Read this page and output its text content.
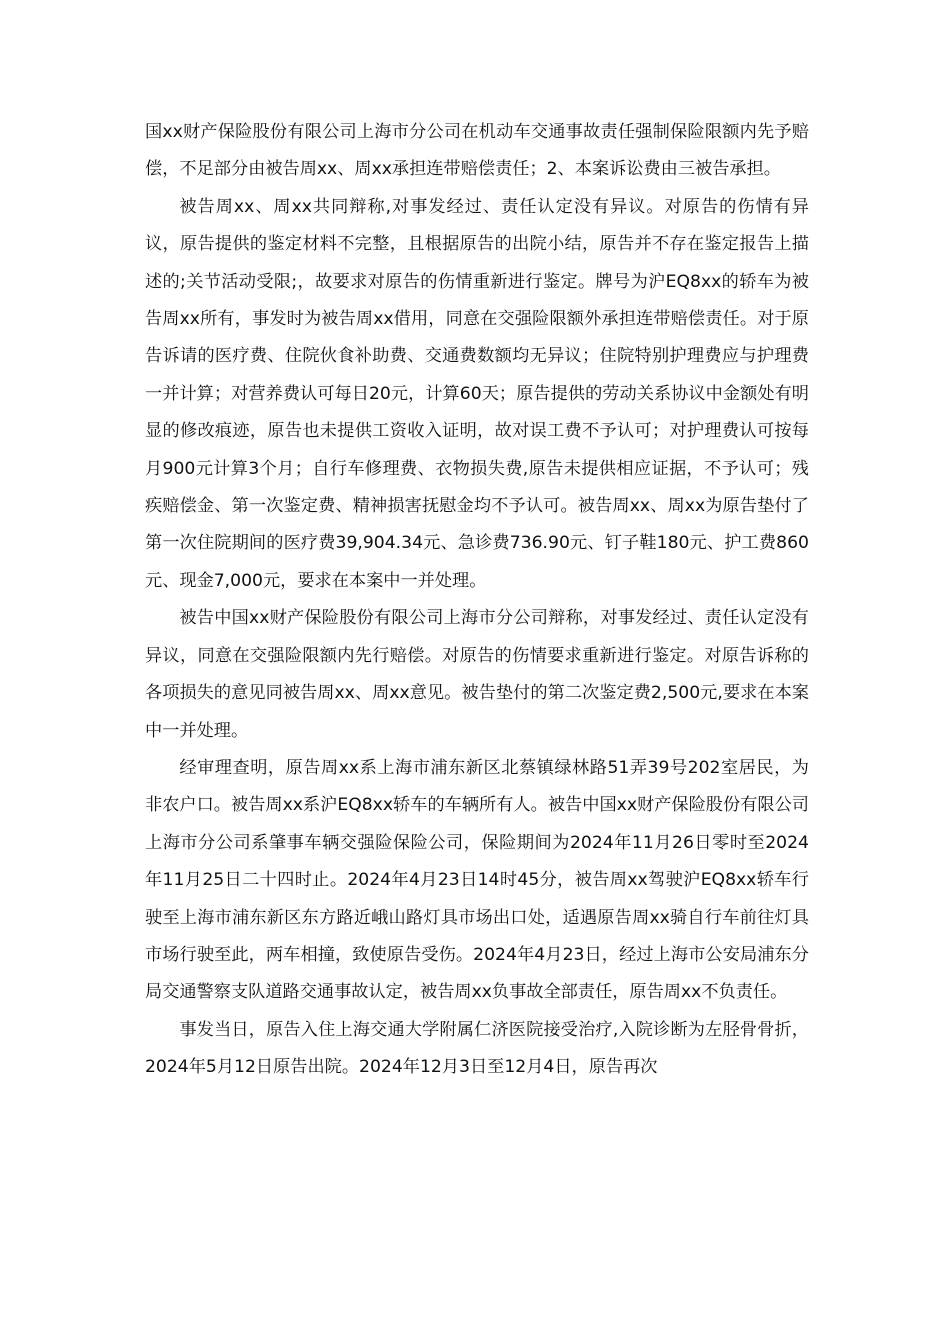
国xx财产保险股份有限公司上海市分公司在机动车交通事故责任强制保险限额内先予赔偿，不足部分由被告周xx、周xx承担连带赔偿责任；2、本案诉讼费由三被告承担。

被告周xx、周xx共同辩称,对事发经过、责任认定没有异议。对原告的伤情有异议，原告提供的鉴定材料不完整，且根据原告的出院小结，原告并不存在鉴定报告上描述的;关节活动受限;，故要求对原告的伤情重新进行鉴定。牌号为沪EQ8xx的轿车为被告周xx所有，事发时为被告周xx借用，同意在交强险限额外承担连带赔偿责任。对于原告诉请的医疗费、住院伙食补助费、交通费数额均无异议；住院特别护理费应与护理费一并计算；对营养费认可每日20元，计算60天；原告提供的劳动关系协议中金额处有明显的修改痕迹，原告也未提供工资收入证明，故对误工费不予认可；对护理费认可按每月900元计算3个月；自行车修理费、衣物损失费,原告未提供相应证据，不予认可；残疾赔偿金、第一次鉴定费、精神损害抚慰金均不予认可。被告周xx、周xx为原告垫付了第一次住院期间的医疗费39,904.34元、急诊费736.90元、钉子鞋180元、护工费860元、现金7,000元，要求在本案中一并处理。

被告中国xx财产保险股份有限公司上海市分公司辩称，对事发经过、责任认定没有异议，同意在交强险限额内先行赔偿。对原告的伤情要求重新进行鉴定。对原告诉称的各项损失的意见同被告周xx、周xx意见。被告垫付的第二次鉴定费2,500元,要求在本案中一并处理。

经审理查明，原告周xx系上海市浦东新区北蔡镇绿林路51弄39号202室居民，为非农户口。被告周xx系沪EQ8xx轿车的车辆所有人。被告中国xx财产保险股份有限公司上海市分公司系肇事车辆交强险保险公司，保险期间为2024年11月26日零时至2024年11月25日二十四时止。2024年4月23日14时45分，被告周xx驾驶沪EQ8xx轿车行驶至上海市浦东新区东方路近峨山路灯具市场出口处，适遇原告周xx骑自行车前往灯具市场行驶至此，两车相撞，致使原告受伤。2024年4月23日，经过上海市公安局浦东分局交通警察支队道路交通事故认定，被告周xx负事故全部责任，原告周xx不负责任。

事发当日，原告入住上海交通大学附属仁济医院接受治疗,入院诊断为左胫骨骨折，2024年5月12日原告出院。2024年12月3日至12月4日，原告再次
